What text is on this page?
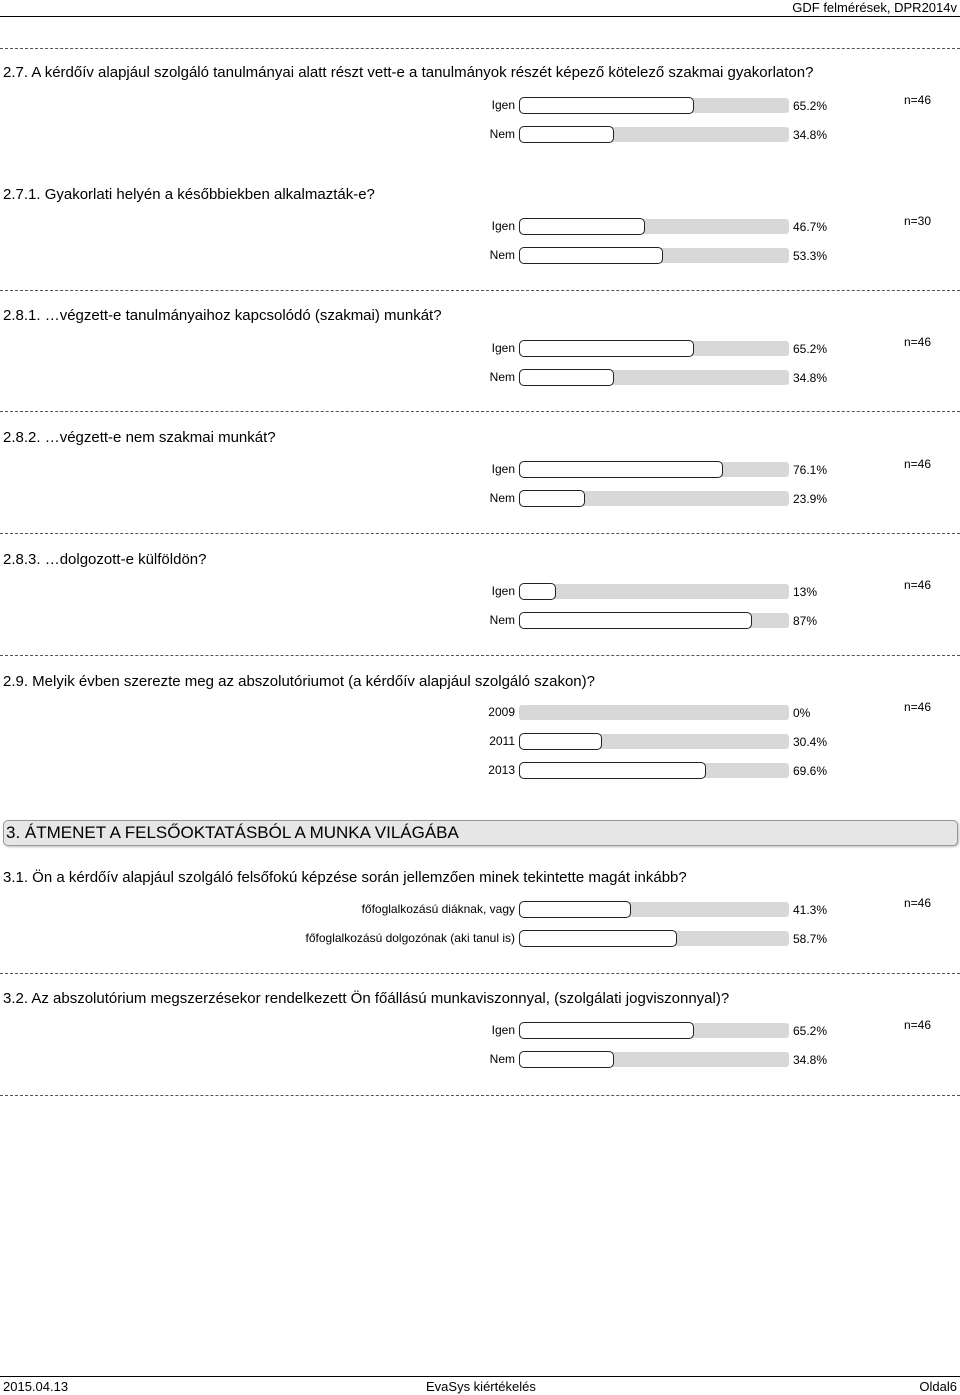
GDF felmérések, DPR2014v
2.7. A kérdőív alapjául szolgáló tanulmányai alatt részt vett-e a tanulmányok részét képező kötelező szakmai gyakorlaton?
n=46
Igen	65.2%
Nem	34.8%
2.7.1. Gyakorlati helyén a későbbiekben alkalmazták-e?
n=30
Igen	46.7%
Nem	53.3%
2.8.1. …végzett-e tanulmányaihoz kapcsolódó (szakmai) munkát?
n=46
Igen	65.2%
Nem	34.8%
2.8.2. …végzett-e nem szakmai munkát?
n=46
Igen	76.1%
Nem	23.9%
2.8.3. …dolgozott-e külföldön?
n=46
Igen	13%
Nem	87%
2.9. Melyik évben szerezte meg az abszolutóriumot (a kérdőív alapjául szolgáló szakon)?
n=46
2009	0%
2011	30.4%
2013	69.6%
3. ÁTMENET A FELSŐOKTATÁSBÓL A MUNKA VILÁGÁBA
3.1. Ön a kérdőív alapjául szolgáló felsőfokú képzése során jellemzően minek tekintette magát inkább?
n=46
főfoglalkozású diáknak, vagy	41.3%
főfoglalkozású dolgozónak (aki tanul is)	58.7%
3.2. Az abszolutórium megszerzésekor rendelkezett Ön főállású munkaviszonnyal, (szolgálati jogviszonnyal)?
n=46
Igen	65.2%
Nem	34.8%
2015.04.13	EvaSys kiértékelés	Oldal6
